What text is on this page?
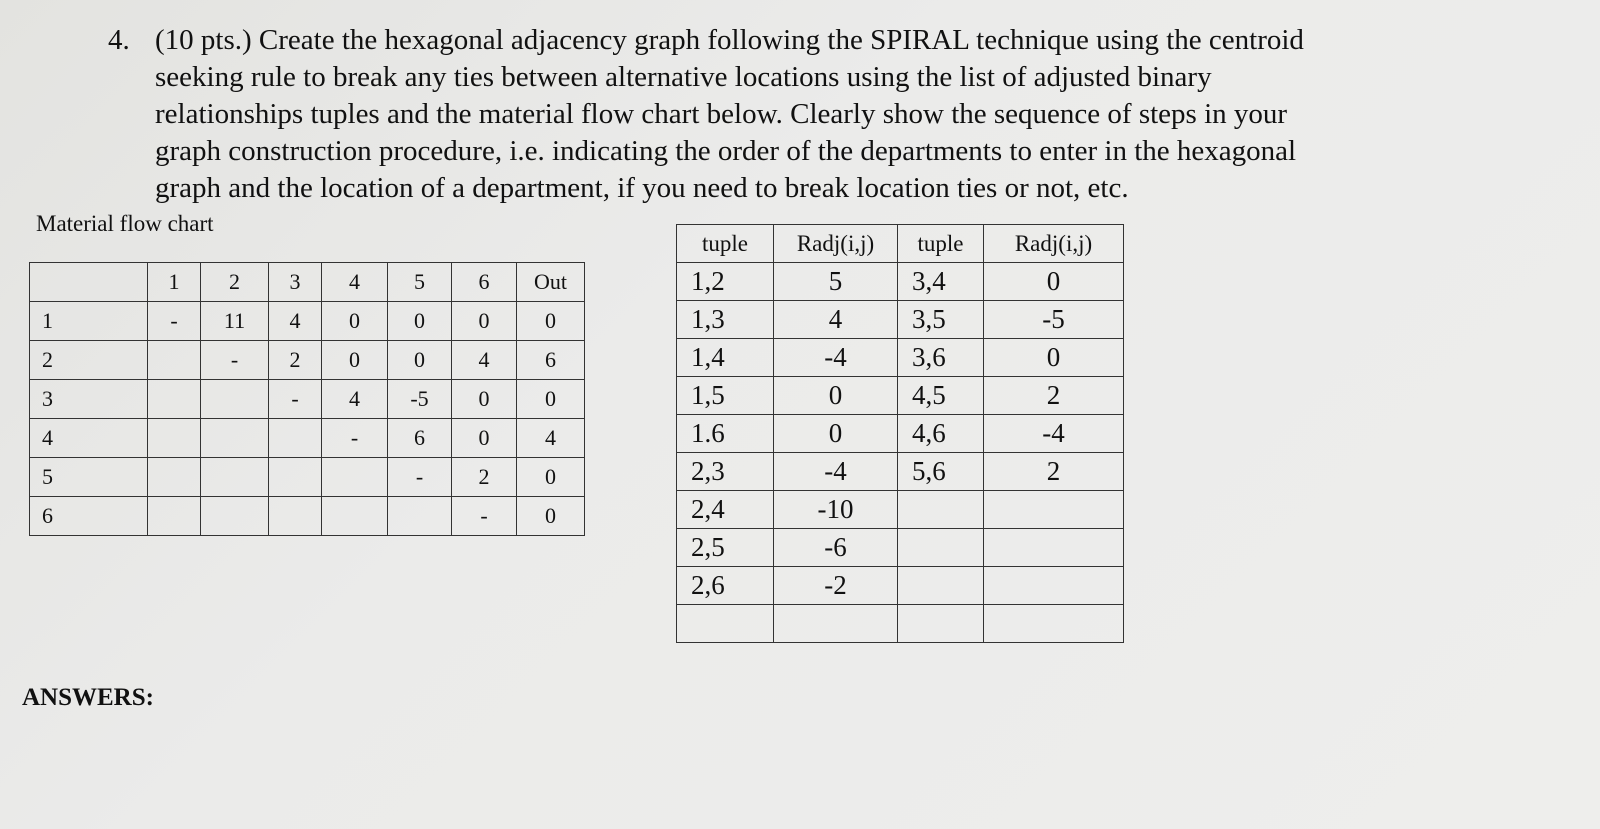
4. (10 pts.) Create the hexagonal adjacency graph following the SPIRAL technique using the centroid
seeking rule to break any ties between alternative locations using the list of adjusted binary
relationships tuples and the material flow chart below. Clearly show the sequence of steps in your
graph construction procedure, i.e. indicating the order of the departments to enter in the hexagonal
graph and the location of a department, if you need to break location ties or not, etc.
Material flow chart
	1	2	3	4	5	6	Out
1	-	11	4	0	0	0	0
2		-	2	0	0	4	6
3			-	4	-5	0	0
4				-	6	0	4
5					-	2	0
6						-	0
tuple	Radj(i,j)	tuple	Radj(i,j)
1,2	5	3,4	0
1,3	4	3,5	-5
1,4	-4	3,6	0
1,5	0	4,5	2
1.6	0	4,6	-4
2,3	-4	5,6	2
2,4	-10		
2,5	-6		
2,6	-2		

ANSWERS:
